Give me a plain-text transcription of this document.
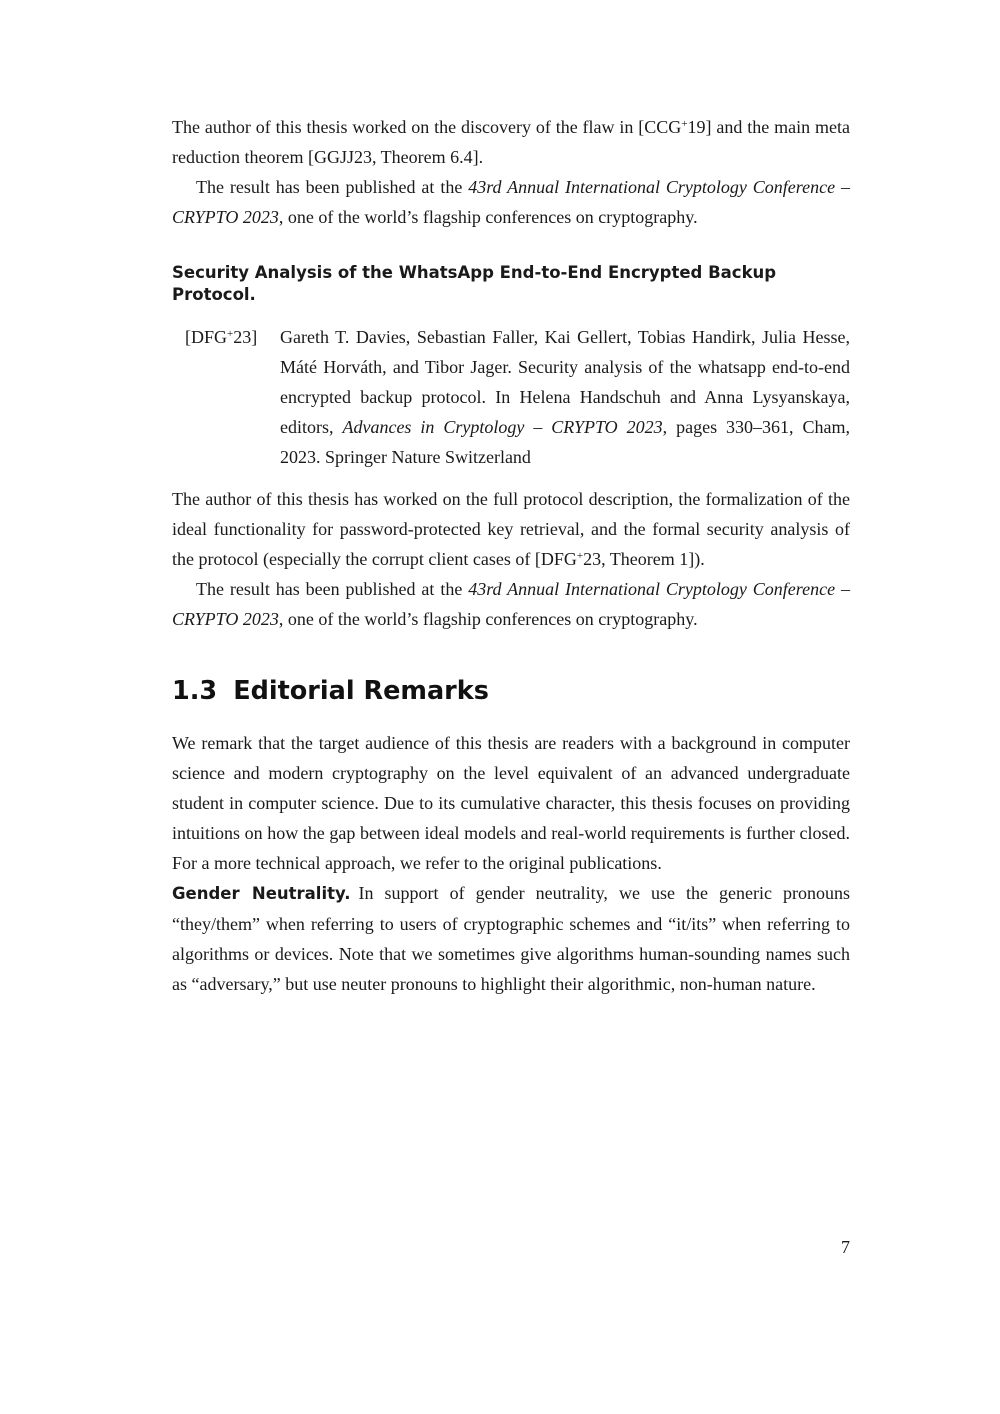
The author of this thesis worked on the discovery of the flaw in [CCG+19] and the main meta reduction theorem [GGJJ23, Theorem 6.4].

The result has been published at the 43rd Annual International Cryptology Conference – CRYPTO 2023, one of the world’s flagship conferences on cryptography.

Security Analysis of the WhatsApp End-to-End Encrypted Backup Protocol.
[DFG+23] Gareth T. Davies, Sebastian Faller, Kai Gellert, Tobias Handirk, Julia Hesse, Máté Horváth, and Tibor Jager. Security analysis of the whatsapp end-to-end encrypted backup protocol. In Helena Handschuh and Anna Lysyanskaya, editors, Advances in Cryptology – CRYPTO 2023, pages 330–361, Cham, 2023. Springer Nature Switzerland

The author of this thesis has worked on the full protocol description, the formalization of the ideal functionality for password-protected key retrieval, and the formal security analysis of the protocol (especially the corrupt client cases of [DFG+23, Theorem 1]).

The result has been published at the 43rd Annual International Cryptology Conference – CRYPTO 2023, one of the world’s flagship conferences on cryptography.

1.3 Editorial Remarks

We remark that the target audience of this thesis are readers with a background in computer science and modern cryptography on the level equivalent of an advanced undergraduate student in computer science. Due to its cumulative character, this thesis focuses on providing intuitions on how the gap between ideal models and real-world requirements is further closed. For a more technical approach, we refer to the original publications.

Gender Neutrality. In support of gender neutrality, we use the generic pronouns “they/them” when referring to users of cryptographic schemes and “it/its” when referring to algorithms or devices. Note that we sometimes give algorithms human-sounding names such as “adversary,” but use neuter pronouns to highlight their algorithmic, non-human nature.

7
